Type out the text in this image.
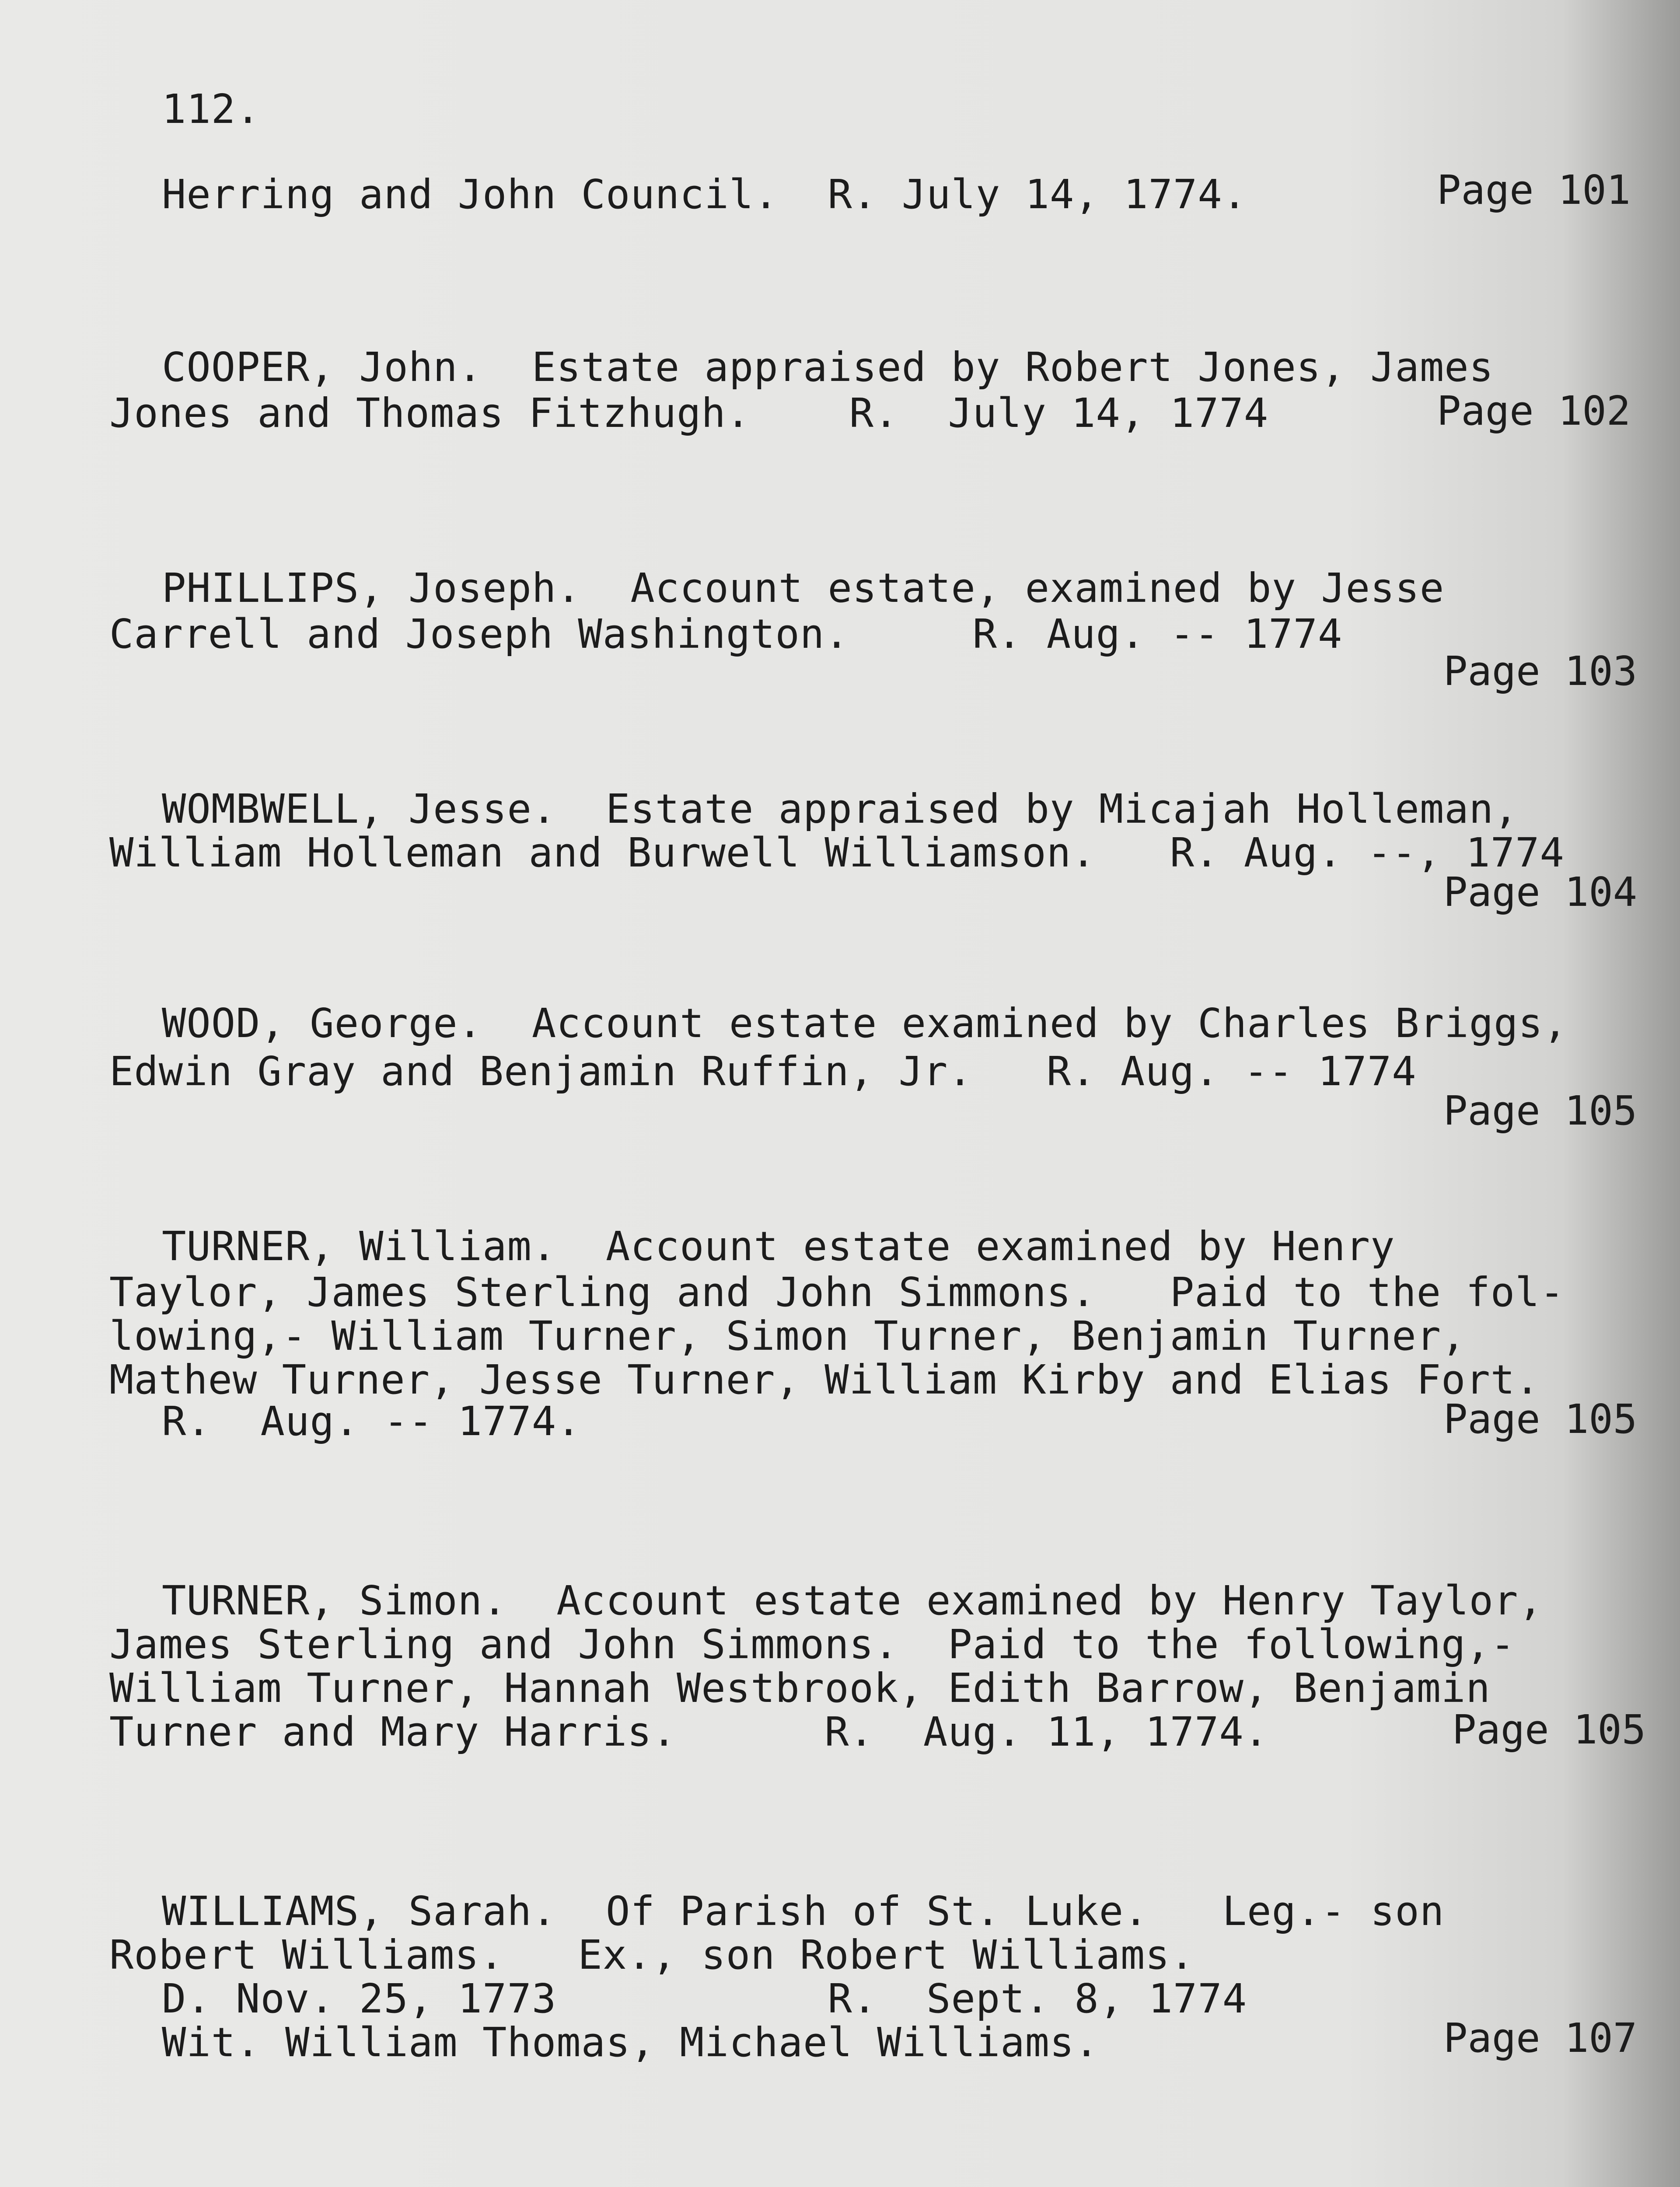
112.
Herring and John Council.  R. July 14, 1774.	Page 101
COOPER, John.  Estate appraised by Robert Jones, James
Jones and Thomas Fitzhugh.    R.  July 14, 1774	Page 102
PHILLIPS, Joseph.  Account estate, examined by Jesse
Carrell and Joseph Washington.     R. Aug. -- 1774
Page 103
WOMBWELL, Jesse.  Estate appraised by Micajah Holleman,
William Holleman and Burwell Williamson.   R. Aug. --, 1774
Page 104
WOOD, George.  Account estate examined by Charles Briggs,
Edwin Gray and Benjamin Ruffin, Jr.   R. Aug. -- 1774
Page 105
TURNER, William.  Account estate examined by Henry
Taylor, James Sterling and John Simmons.   Paid to the fol-
lowing,- William Turner, Simon Turner, Benjamin Turner,
Mathew Turner, Jesse Turner, William Kirby and Elias Fort.
R.  Aug. -- 1774.	Page 105
TURNER, Simon.  Account estate examined by Henry Taylor,
James Sterling and John Simmons.  Paid to the following,-
William Turner, Hannah Westbrook, Edith Barrow, Benjamin
Turner and Mary Harris.      R.  Aug. 11, 1774.	Page 105
WILLIAMS, Sarah.  Of Parish of St. Luke.   Leg.- son
Robert Williams.   Ex., son Robert Williams.
D. Nov. 25, 1773           R.  Sept. 8, 1774
Wit. William Thomas, Michael Williams.	Page 107
